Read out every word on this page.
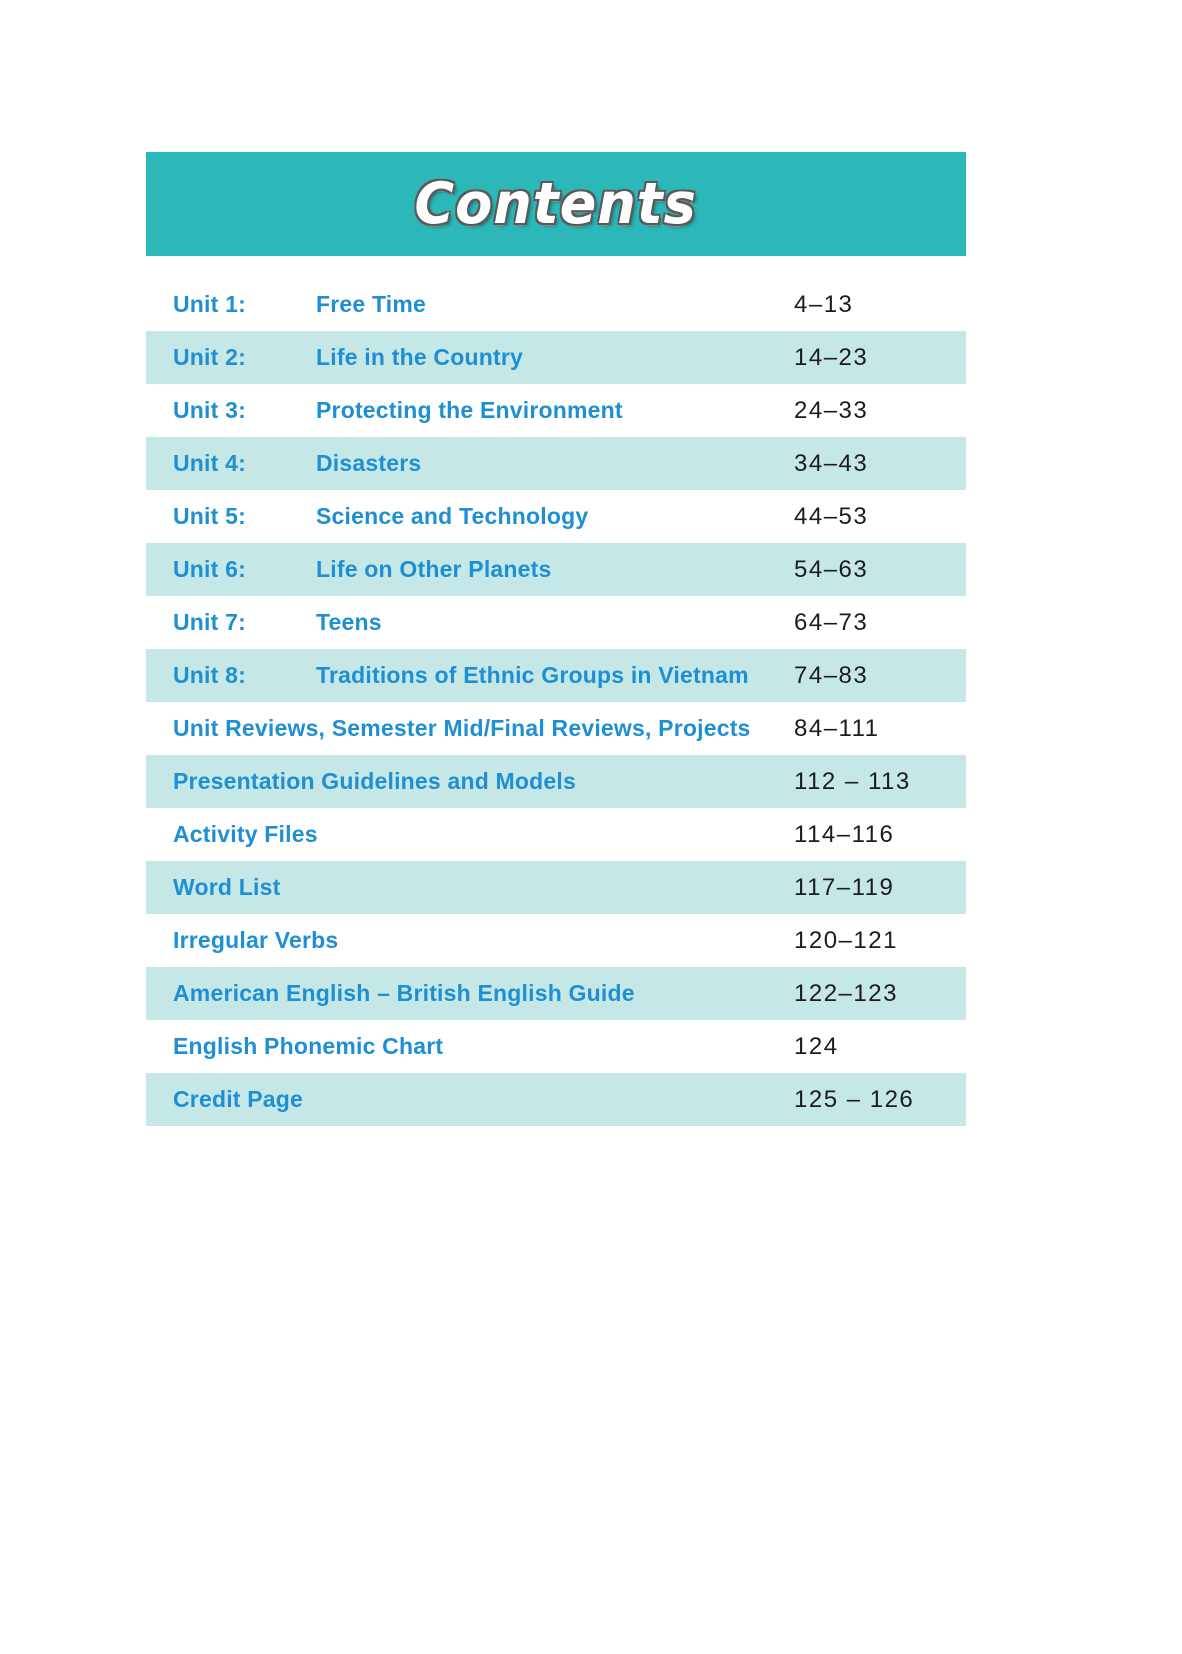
Contents
Unit 1:	Free Time	4–13
Unit 2:	Life in the Country	14–23
Unit 3:	Protecting the Environment	24–33
Unit 4:	Disasters	34–43
Unit 5:	Science and Technology	44–53
Unit 6:	Life on Other Planets	54–63
Unit 7:	Teens	64–73
Unit 8:	Traditions of Ethnic Groups in Vietnam	74–83
Unit Reviews, Semester Mid/Final Reviews, Projects	84–111
Presentation Guidelines and Models	112 – 113
Activity Files	114–116
Word List	117–119
Irregular Verbs	120–121
American English – British English Guide	122–123
English Phonemic Chart	124
Credit Page	125 – 126
